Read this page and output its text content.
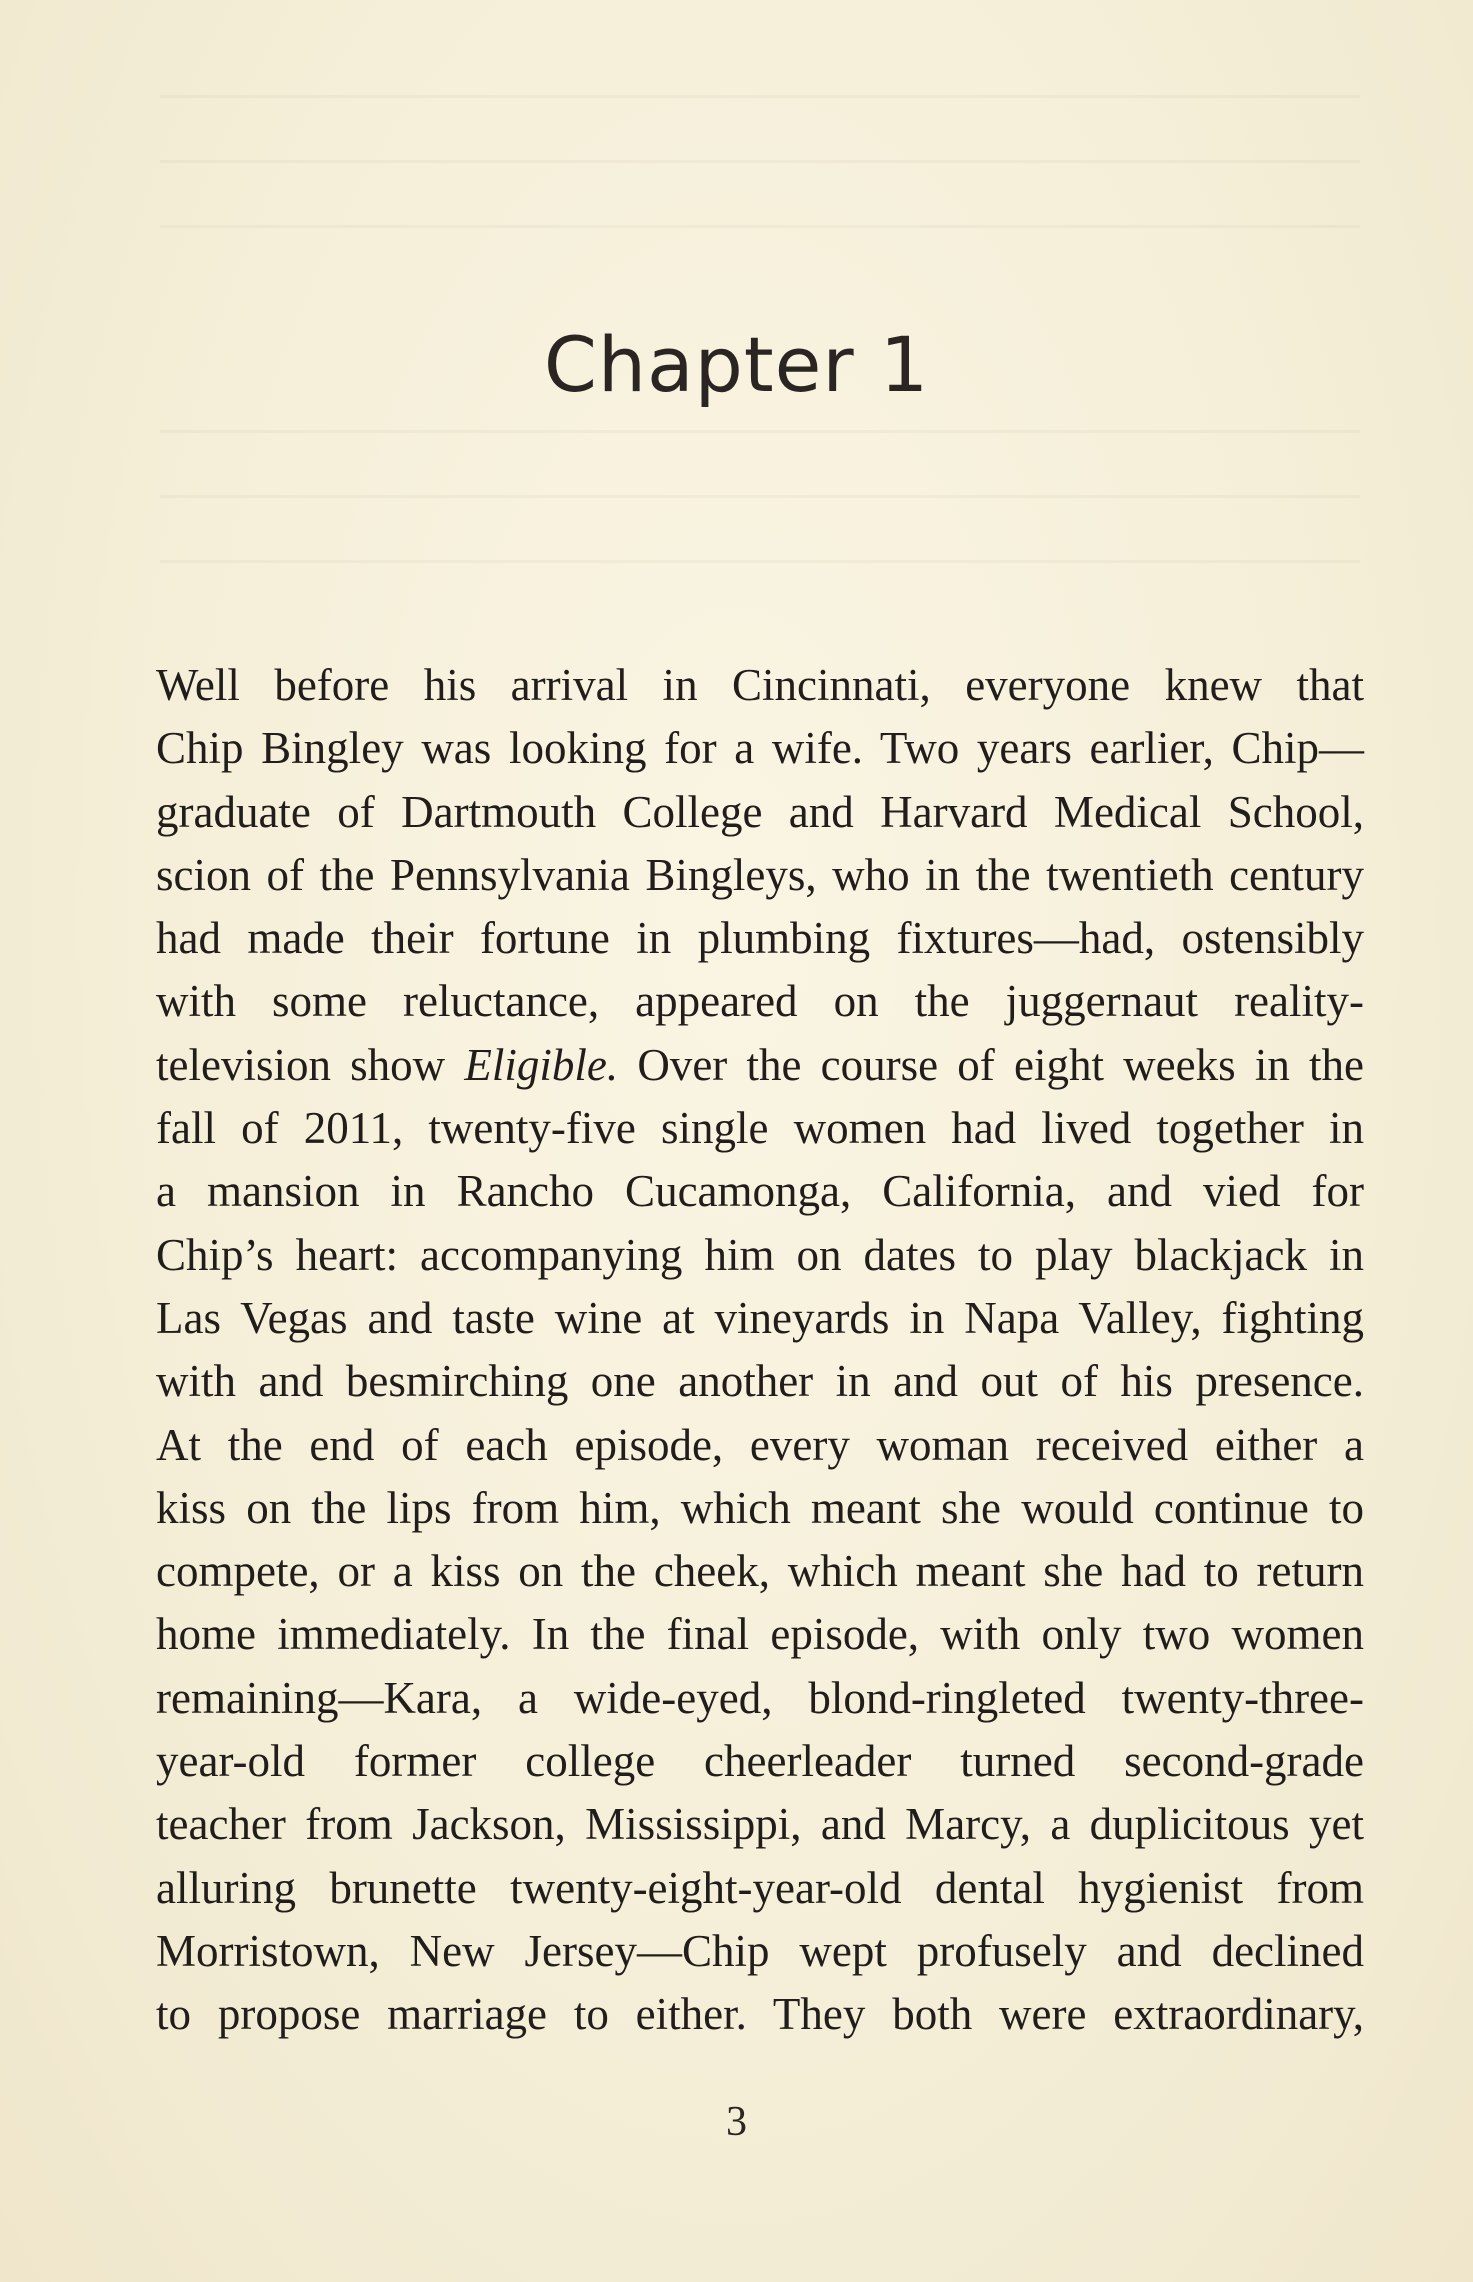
Chapter 1
Well before his arrival in Cincinnati, everyone knew that
Chip Bingley was looking for a wife. Two years earlier, Chip—
graduate of Dartmouth College and Harvard Medical School,
scion of the Pennsylvania Bingleys, who in the twentieth century
had made their fortune in plumbing fixtures—had, ostensibly
with some reluctance, appeared on the juggernaut reality-
television show Eligible. Over the course of eight weeks in the
fall of 2011, twenty-five single women had lived together in
a mansion in Rancho Cucamonga, California, and vied for
Chip’s heart: accompanying him on dates to play blackjack in
Las Vegas and taste wine at vineyards in Napa Valley, fighting
with and besmirching one another in and out of his presence.
At the end of each episode, every woman received either a
kiss on the lips from him, which meant she would continue to
compete, or a kiss on the cheek, which meant she had to return
home immediately. In the final episode, with only two women
remaining—Kara, a wide-eyed, blond-ringleted twenty-three-
year-old former college cheerleader turned second-grade
teacher from Jackson, Mississippi, and Marcy, a duplicitous yet
alluring brunette twenty-eight-year-old dental hygienist from
Morristown, New Jersey—Chip wept profusely and declined
to propose marriage to either. They both were extraordinary,
3
